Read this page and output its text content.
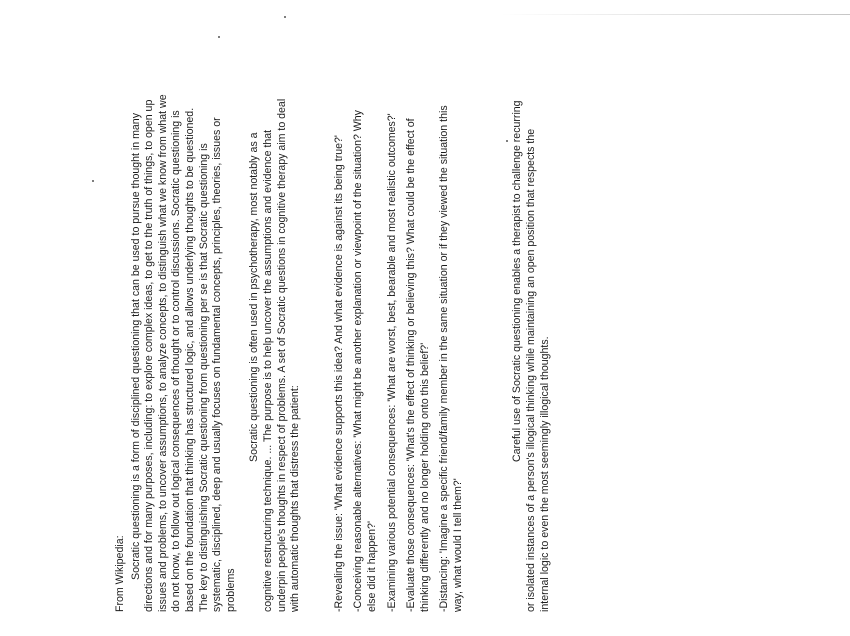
From Wikipedia: Socratic questioning is a form of disciplined questioning that can be used to pursue thought in many directions and for many purposes, including: to explore complex ideas, to get to the truth of things, to open up issues and problems, to uncover assumptions, to analyze concepts, to distinguish what we know from what we do not know, to follow out logical consequences of thought or to control discussions. Socratic questioning is based on the foundation that thinking has structured logic, and allows underlying thoughts to be questioned. The key to distinguishing Socratic questioning from questioning per se is that Socratic questioning is systematic, disciplined, deep and usually focuses on fundamental concepts, principles, theories, issues or problems

Socratic questioning is often used in psychotherapy, most notably as a cognitive restructuring technique. ... The purpose is to help uncover the assumptions and evidence that underpin people's thoughts in respect of problems. A set of Socratic questions in cognitive therapy aim to deal with automatic thoughts that distress the patient:	-Revealing the issue: 'What evidence supports this idea? And what evidence is against its being true?' -Conceiving reasonable alternatives: 'What might be another explanation or viewpoint of the situation? Why else did it happen?' -Examining various potential consequences: 'What are worst, best, bearable and most realistic outcomes?' -Evaluate those consequences: 'What's the effect of thinking or believing this? What could be the effect of thinking differently and no longer holding onto this belief?' -Distancing: 'Imagine a specific friend/family member in the same situation or if they viewed the situation this way, what would I tell them?'

Careful use of Socratic questioning enables a therapist to challenge recurring or isolated instances of a person's illogical thinking while maintaining an open position that respects the internal logic to even the most seemingly illogical thoughts.
